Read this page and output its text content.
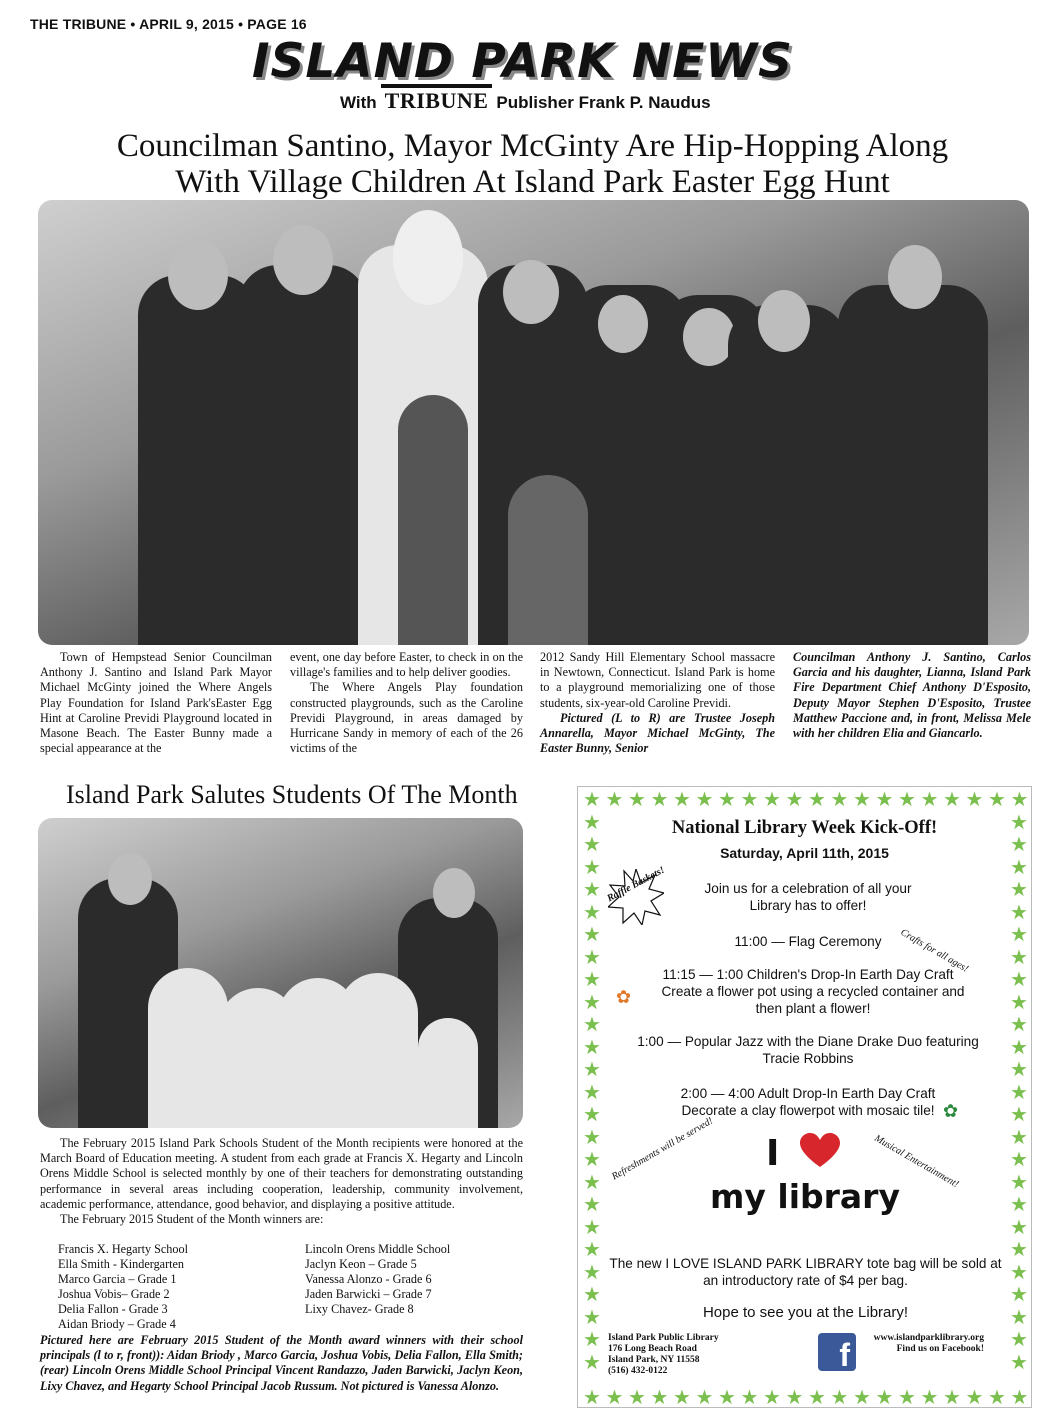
THE TRIBUNE • APRIL 9, 2015 • PAGE 16
ISLAND PARK NEWS
With TRIBUNE Publisher Frank P. Naudus
Councilman Santino, Mayor McGinty Are Hip-Hopping Along
With Village Children At Island Park Easter Egg Hunt
Town of Hempstead Senior Councilman Anthony J. Santino and Island Park Mayor Michael McGinty joined the Where Angels Play Foundation for Island Park'sEaster Egg Hint at Caroline Previdi Playground located in Masone Beach. The Easter Bunny made a special appearance at the

event, one day before Easter, to check in on the village's families and to help deliver goodies.

The Where Angels Play foundation constructed playgrounds, such as the Caroline Previdi Playground, in areas damaged by Hurricane Sandy in memory of each of the 26 victims of the

2012 Sandy Hill Elementary School massacre in Newtown, Connecticut. Island Park is home to a playground memorializing one of those students, six-year-old Caroline Previdi.

Pictured (L to R) are Trustee Joseph Annarella, Mayor Michael McGinty, The Easter Bunny, Senior

Councilman Anthony J. Santino, Carlos Garcia and his daughter, Lianna, Island Park Fire Department Chief Anthony D'Esposito, Deputy Mayor Stephen D'Esposito, Trustee Matthew Paccione and, in front, Melissa Mele with her children Elia and Giancarlo.
Island Park Salutes Students Of The Month

The February 2015 Island Park Schools Student of the Month recipients were honored at the March Board of Education meeting. A student from each grade at Francis X. Hegarty and Lincoln Orens Middle School is selected monthly by one of their teachers for demonstrating outstanding performance in several areas including cooperation, leadership, community involvement, academic performance, attendance, good behavior, and displaying a positive attitude.

The February 2015 Student of the Month winners are:

Francis X. Hegarty School
Ella Smith - Kindergarten
Marco Garcia – Grade 1
Joshua Vobis– Grade 2
Delia Fallon - Grade 3
Aidan Briody – Grade 4
Lincoln Orens Middle School
Jaclyn Keon – Grade 5
Vanessa Alonzo - Grade 6
Jaden Barwicki – Grade 7
Lixy Chavez- Grade 8
Pictured here are February 2015 Student of the Month award winners with their school principals (l to r, front)): Aidan Briody , Marco Garcia, Joshua Vobis, Delia Fallon, Ella Smith; (rear) Lincoln Orens Middle School Principal Vincent Randazzo, Jaden Barwicki, Jaclyn Keon, Lixy Chavez, and Hegarty School Principal Jacob Russum. Not pictured is Vanessa Alonzo.
★
★
★
★
★
★
★
★
★
★
★
★
★
★
★
★
★
★
★
★
★
★
★
★
★
★
★
★
★
★
★
★
★
★
★
★
★
★
★
★
★	★
★	★
★	★
★	★
★	★
★	★
★	★
★	★
★	★
★	★
★	★
★	★
★	★
★	★
★	★
★	★
★	★
★	★
★	★
★	★
★	★
★	★
★	★
★	★
★	★
National Library Week Kick-Off!
Saturday, April 11th, 2015
Raffle Baskets!	Join us for a celebration of all your Library has to offer!
Crafts for all ages!
11:00 — Flag Ceremony
11:15 — 1:00 Children's Drop-In Earth Day Craft
Create a flower pot using a recycled container and then plant a flower!
✿
1:00 — Popular Jazz with the Diane Drake Duo featuring Tracie Robbins
2:00 — 4:00 Adult Drop-In Earth Day Craft
Decorate a clay flowerpot with mosaic tile! ✿
Refreshments will be served!	Musical Entertainment!
I
my library
The new I LOVE ISLAND PARK LIBRARY tote bag will be sold at an introductory rate of $4 per bag.
Hope to see you at the Library!
Island Park Public Library
176 Long Beach Road
Island Park, NY 11558
(516) 432-0122	f	www.islandparklibrary.org
Find us on Facebook!
